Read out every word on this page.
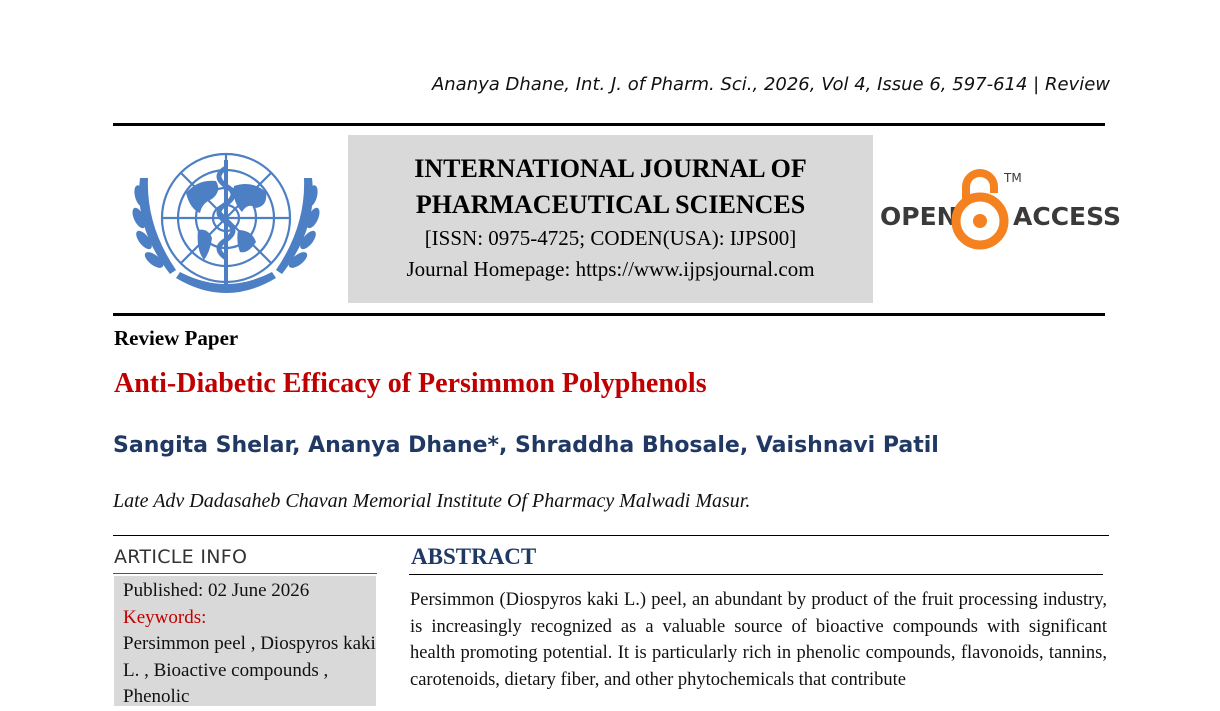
Ananya Dhane, Int. J. of Pharm. Sci., 2026, Vol 4, Issue 6, 597-614 | Review
INTERNATIONAL JOURNAL OF
PHARMACEUTICAL SCIENCES
[ISSN: 0975-4725; CODEN(USA): IJPS00]
Journal Homepage: https://www.ijpsjournal.com
OPEN
TM
ACCESS
Review Paper
Anti-Diabetic Efficacy of Persimmon Polyphenols
Sangita Shelar, Ananya Dhane*, Shraddha Bhosale, Vaishnavi Patil
Late Adv Dadasaheb Chavan Memorial Institute Of Pharmacy Malwadi Masur.
ARTICLE INFO
Published: 02 June 2026
Keywords:
Persimmon peel , Diospyros kaki L. , Bioactive compounds , Phenolic
ABSTRACT
Persimmon (Diospyros kaki L.) peel, an abundant by product of the fruit processing industry, is increasingly recognized as a valuable source of bioactive compounds with significant health promoting potential. It is particularly rich in phenolic compounds, flavonoids, tannins, carotenoids, dietary fiber, and other phytochemicals that contribute
